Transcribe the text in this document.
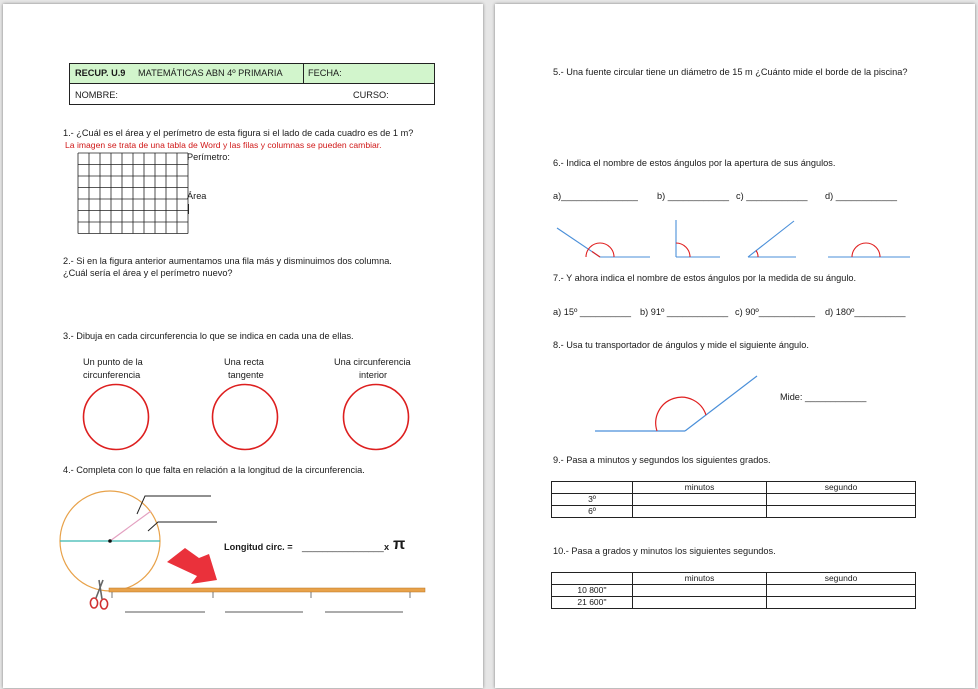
RECUP. U.9 MATEMÁTICAS ABN 4º PRIMARIA	FECHA:
NOMBRE:	CURSO:
1.- ¿Cuál es el área y el perímetro de esta figura si el lado de cada cuadro es de 1 m?
La imagen se trata de una tabla de Word y las filas y columnas se pueden cambiar.
Perímetro:
Área
2.- Si en la figura anterior aumentamos una fila más y disminuimos dos columna.
¿Cuál sería el área y el perímetro nuevo?
3.- Dibuja en cada circunferencia lo que se indica en cada una de ellas.
Un punto de la
circunferencia
Una recta
tangente
Una circunferencia
interior
4.- Completa con lo que falta en relación a la longitud de la circunferencia.
Longitud circ. = ________________ x π
5.- Una fuente circular tiene un diámetro de 15 m ¿Cuánto mide el borde de la piscina?
6.- Indica el nombre de estos ángulos por la apertura de sus ángulos.
a)_______________ b) ____________ c) ____________ d) ____________
7.- Y ahora indica el nombre de estos ángulos por la medida de su ángulo.
a) 15º __________ b) 91º ____________ c) 90º___________ d) 180º__________
8.- Usa tu transportador de ángulos y mide el siguiente ángulo.
Mide: ____________
9.- Pasa a minutos y segundos los siguientes grados.
	minutos	segundo
3º		
6º		
10.- Pasa a grados y minutos los siguientes segundos.
	minutos	segundo
10 800''		
21 600''		
